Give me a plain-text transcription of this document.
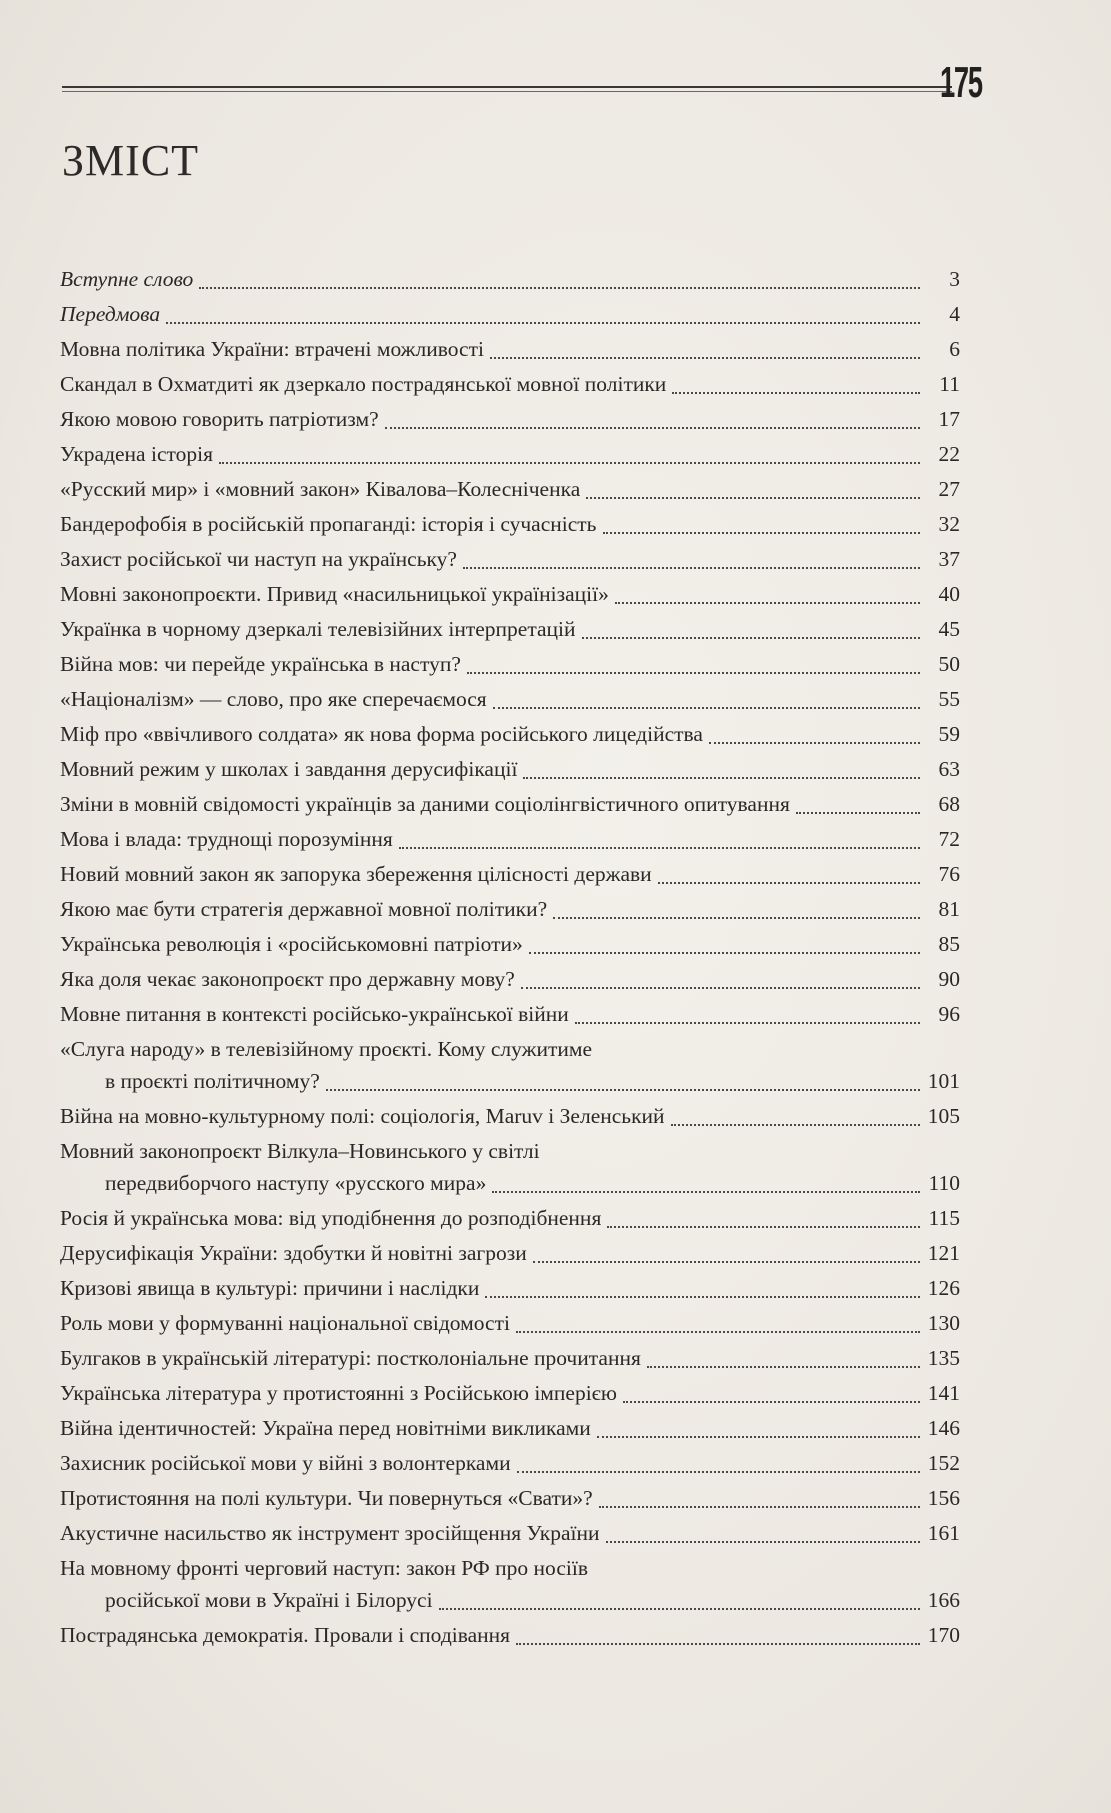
175
ЗМІСТ
Вступне слово	3
Передмова	4
Мовна політика України: втрачені можливості	6
Скандал в Охматдиті як дзеркало пострадянської мовної політики	11
Якою мовою говорить патріотизм?	17
Украдена історія	22
«Русский мир» і «мовний закон» Ківалова–Колесніченка	27
Бандерофобія в російській пропаганді: історія і сучасність	32
Захист російської чи наступ на українську?	37
Мовні законопроєкти. Привид «насильницької українізації»	40
Українка в чорному дзеркалі телевізійних інтерпретацій	45
Війна мов: чи перейде українська в наступ?	50
«Націоналізм» — слово, про яке сперечаємося	55
Міф про «ввічливого солдата» як нова форма російського лицедійства	59
Мовний режим у школах і завдання дерусифікації	63
Зміни в мовній свідомості українців за даними соціолінгвістичного опитування	68
Мова і влада: труднощі порозуміння	72
Новий мовний закон як запорука збереження цілісності держави	76
Якою має бути стратегія державної мовної політики?	81
Українська революція і «російськомовні патріоти»	85
Яка доля чекає законопроєкт про державну мову?	90
Мовне питання в контексті російсько-української війни	96
«Слуга народу» в телевізійному проєкті. Кому служитиме
в проєкті політичному?	101
Війна на мовно-культурному полі: соціологія, Maruv і Зеленський	105
Мовний законопроєкт Вілкула–Новинського у світлі
передвиборчого наступу «русского мира»	110
Росія й українська мова: від уподібнення до розподібнення	115
Дерусифікація України: здобутки й новітні загрози	121
Кризові явища в культурі: причини і наслідки	126
Роль мови у формуванні національної свідомості	130
Булгаков в українській літературі: постколоніальне прочитання	135
Українська література у протистоянні з Російською імперією	141
Війна ідентичностей: Україна перед новітніми викликами	146
Захисник російської мови у війні з волонтерками	152
Протистояння на полі культури. Чи повернуться «Свати»?	156
Акустичне насильство як інструмент зросійщення України	161
На мовному фронті черговий наступ: закон РФ про носіїв
російської мови в Україні і Білорусі	166
Пострадянська демократія. Провали і сподівання	170
